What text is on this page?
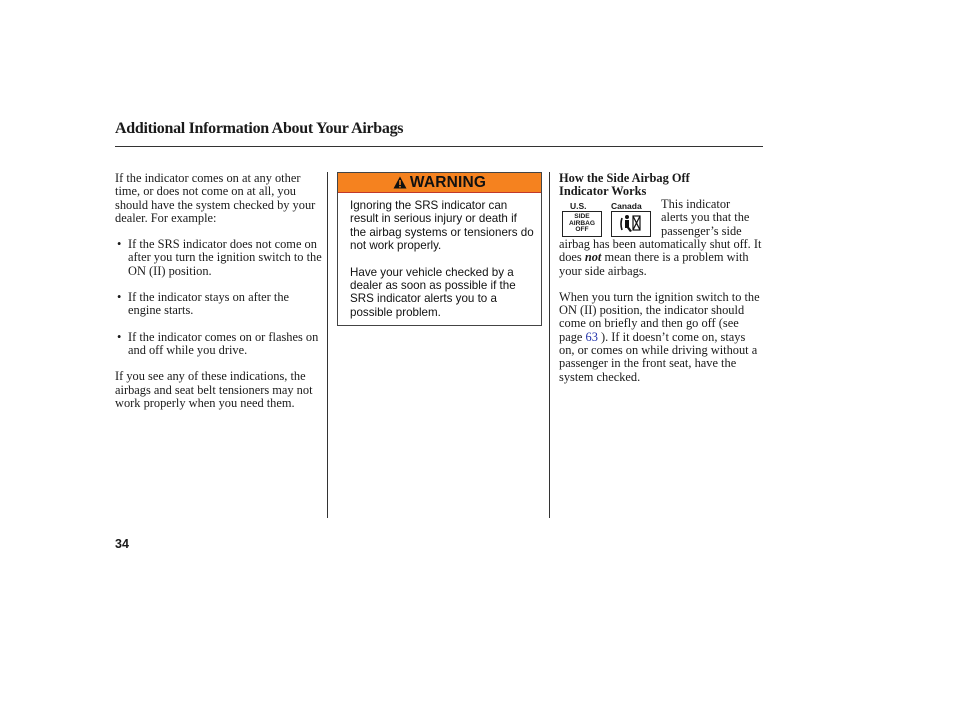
Additional Information About Your Airbags

If the indicator comes on at any other time, or does not come on at all, you should have the system checked by your dealer. For example:

• If the SRS indicator does not come on after you turn the ignition switch to the ON (II) position.
• If the indicator stays on after the engine starts.
• If the indicator comes on or flashes on and off while you drive.

If you see any of these indications, the airbags and seat belt tensioners may not work properly when you need them.

WARNING

Ignoring the SRS indicator can result in serious injury or death if the airbag systems or tensioners do not work properly.

Have your vehicle checked by a dealer as soon as possible if the SRS indicator alerts you to a possible problem.

How the Side Airbag Off
Indicator Works

U.S.	Canada
SIDE
AIRBAG
OFF
This indicator
alerts you that the
passenger’s side

airbag has been automatically shut off. It does not mean there is a problem with your side airbags.

When you turn the ignition switch to the ON (II) position, the indicator should come on briefly and then go off (see page 63 ). If it doesn’t come on, stays on, or comes on while driving without a passenger in the front seat, have the system checked.

34
